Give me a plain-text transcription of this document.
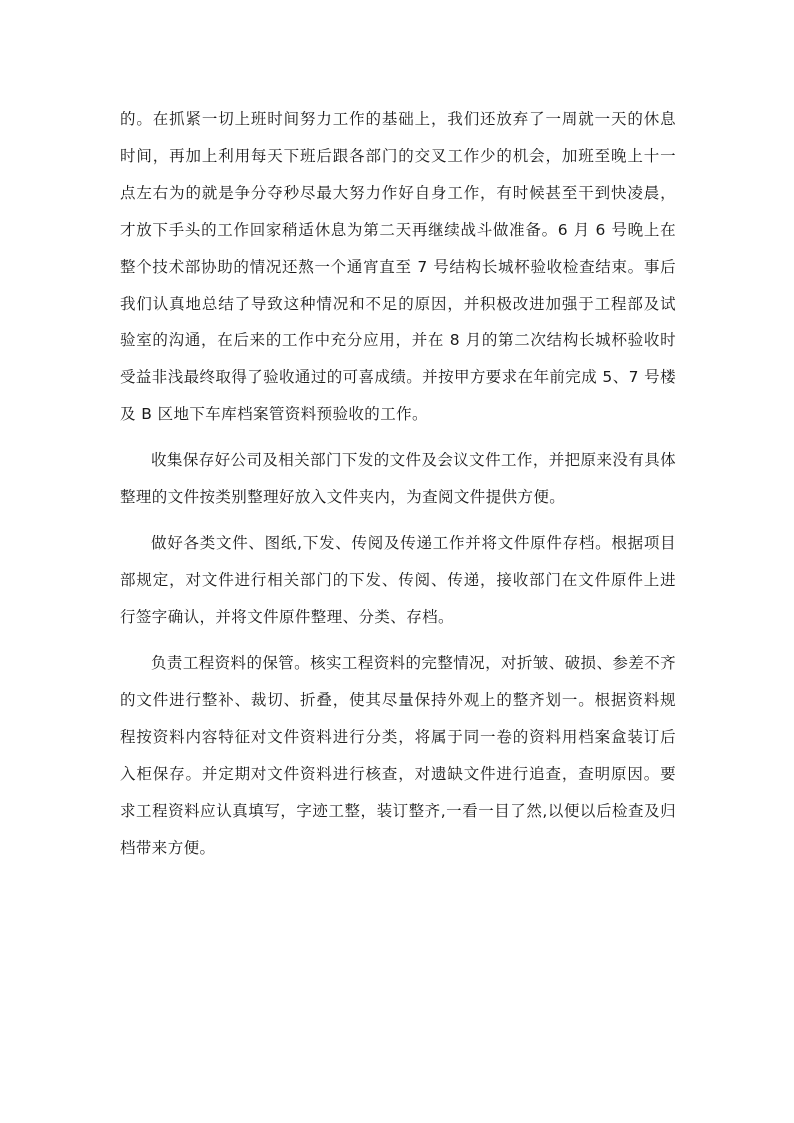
的。在抓紧一切上班时间努力工作的基础上，我们还放弃了一周就一天的休息时间，再加上利用每天下班后跟各部门的交叉工作少的机会，加班至晚上十一点左右为的就是争分夺秒尽最大努力作好自身工作，有时候甚至干到快凌晨，才放下手头的工作回家稍适休息为第二天再继续战斗做准备。6 月 6 号晚上在整个技术部协助的情况还熬一个通宵直至 7 号结构长城杯验收检查结束。事后我们认真地总结了导致这种情况和不足的原因，并积极改进加强于工程部及试验室的沟通，在后来的工作中充分应用，并在 8 月的第二次结构长城杯验收时受益非浅最终取得了验收通过的可喜成绩。并按甲方要求在年前完成 5、7 号楼及 B 区地下车库档案管资料预验收的工作。

收集保存好公司及相关部门下发的文件及会议文件工作，并把原来没有具体整理的文件按类别整理好放入文件夹内，为查阅文件提供方便。

做好各类文件、图纸,下发、传阅及传递工作并将文件原件存档。根据项目部规定，对文件进行相关部门的下发、传阅、传递，接收部门在文件原件上进行签字确认，并将文件原件整理、分类、存档。

负责工程资料的保管。核实工程资料的完整情况，对折皱、破损、参差不齐的文件进行整补、裁切、折叠，使其尽量保持外观上的整齐划一。根据资料规程按资料内容特征对文件资料进行分类，将属于同一卷的资料用档案盒装订后入柜保存。并定期对文件资料进行核查，对遗缺文件进行追查，查明原因。要求工程资料应认真填写，字迹工整，装订整齐,一看一目了然,以便以后检查及归档带来方便。
